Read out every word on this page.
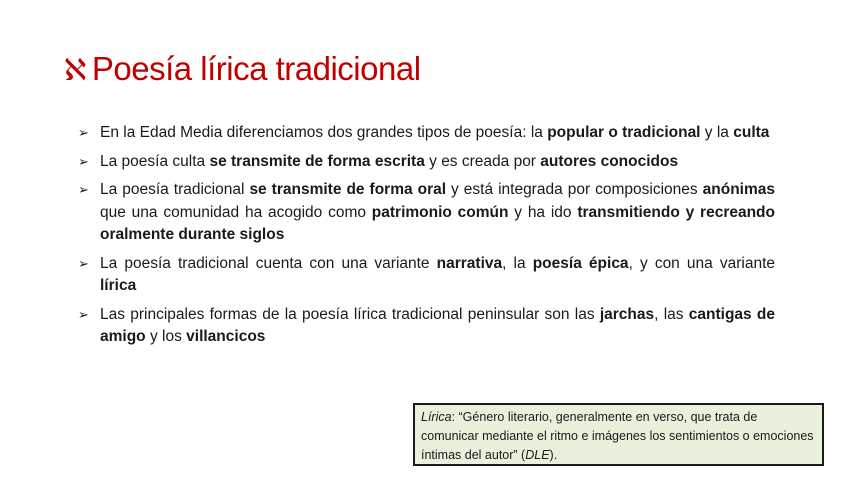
ℵ Poesía lírica tradicional
➢ En la Edad Media diferenciamos dos grandes tipos de poesía: la popular o tradicional y la culta
➢ La poesía culta se transmite de forma escrita y es creada por autores conocidos
➢ La poesía tradicional se transmite de forma oral y está integrada por composiciones anónimas que una comunidad ha acogido como patrimonio común y ha ido transmitiendo y recreando oralmente durante siglos
➢ La poesía tradicional cuenta con una variante narrativa, la poesía épica, y con una variante lírica
➢ Las principales formas de la poesía lírica tradicional peninsular son las jarchas, las cantigas de amigo y los villancicos
Lírica: “Género literario, generalmente en verso, que trata de comunicar mediante el ritmo e imágenes los sentimientos o emociones íntimas del autor” (DLE).
